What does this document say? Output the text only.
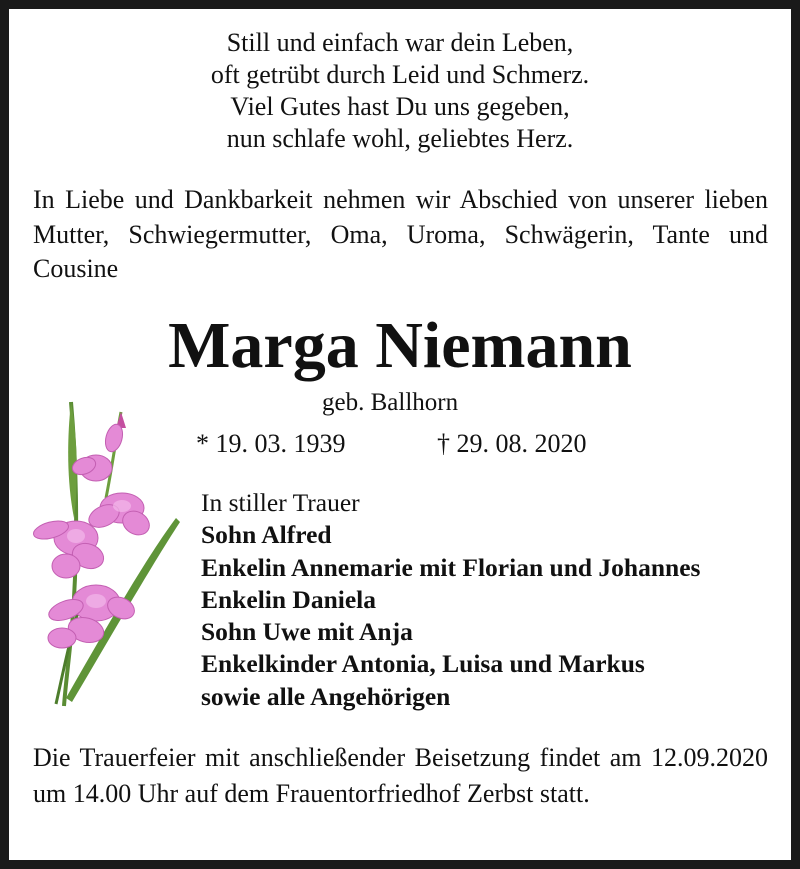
Still und einfach war dein Leben,
oft getrübt durch Leid und Schmerz.
Viel Gutes hast Du uns gegeben,
nun schlafe wohl, geliebtes Herz.
In Liebe und Dankbarkeit nehmen wir Abschied von unserer lieben Mutter, Schwiegermutter, Oma, Uroma, Schwägerin, Tante und Cousine
Marga Niemann
geb. Ballhorn
* 19. 03. 1939	† 29. 08. 2020
In stiller Trauer
Sohn Alfred
Enkelin Annemarie mit Florian und Johannes
Enkelin Daniela
Sohn Uwe mit Anja
Enkelkinder Antonia, Luisa und Markus
sowie alle Angehörigen
Die Trauerfeier mit anschließender Beisetzung findet am 12.09.2020 um 14.00 Uhr auf dem Frauentorfriedhof Zerbst statt.
